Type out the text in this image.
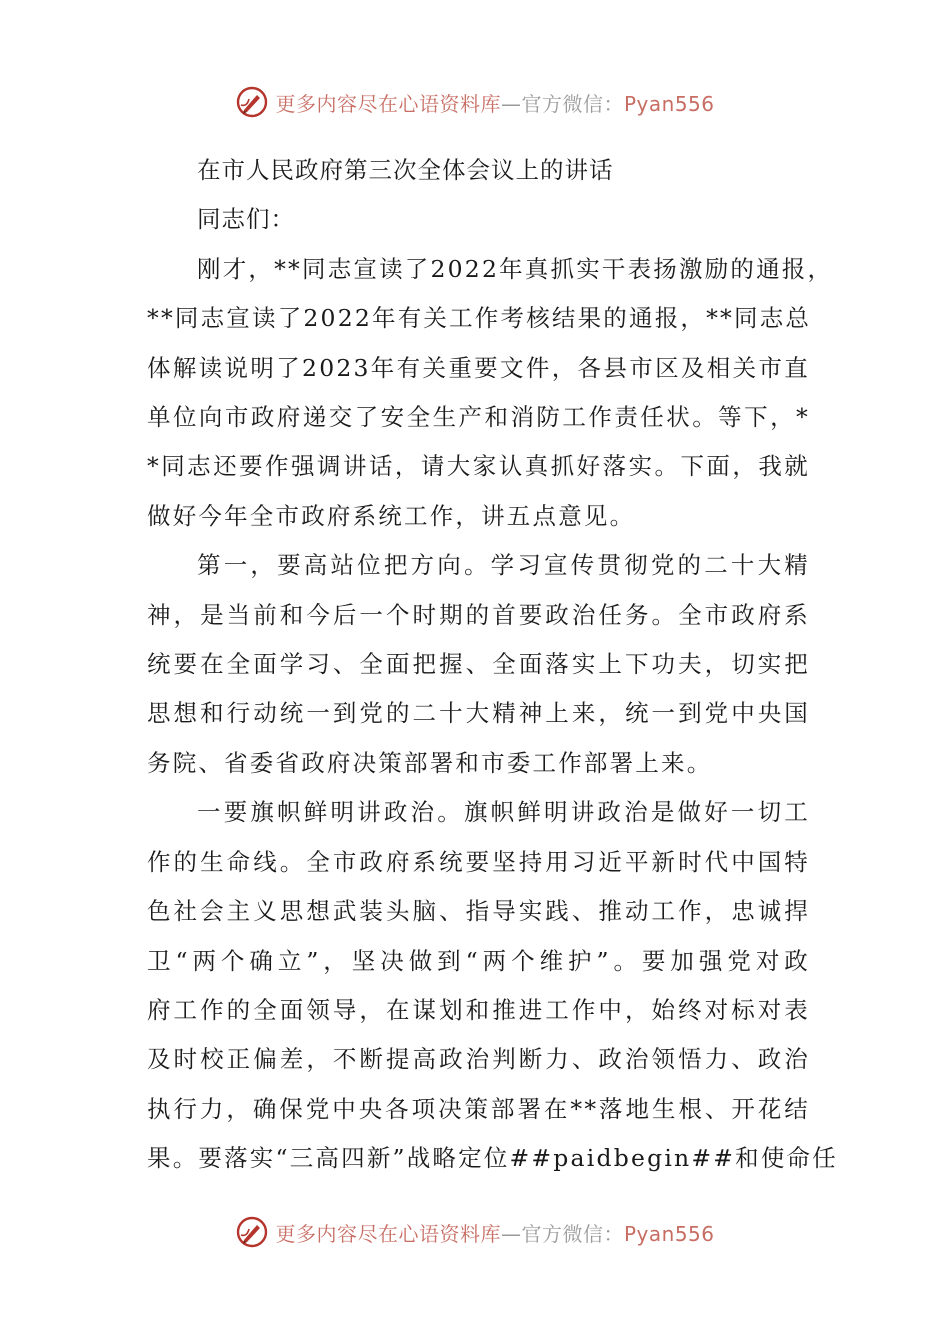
更多内容尽在心语资料库—官方微信：Pyan556

在市人民政府第三次全体会议上的讲话

同志们：

刚才，**同志宣读了2022年真抓实干表扬激励的通报，
**同志宣读了2022年有关工作考核结果的通报，**同志总
体解读说明了2023年有关重要文件，各县市区及相关市直
单位向市政府递交了安全生产和消防工作责任状。等下，*
*同志还要作强调讲话，请大家认真抓好落实。下面，我就
做好今年全市政府系统工作，讲五点意见。

第一，要高站位把方向。学习宣传贯彻党的二十大精
神，是当前和今后一个时期的首要政治任务。全市政府系
统要在全面学习、全面把握、全面落实上下功夫，切实把
思想和行动统一到党的二十大精神上来，统一到党中央国
务院、省委省政府决策部署和市委工作部署上来。

一要旗帜鲜明讲政治。旗帜鲜明讲政治是做好一切工
作的生命线。全市政府系统要坚持用习近平新时代中国特
色社会主义思想武装头脑、指导实践、推动工作，忠诚捍
卫“两个确立”，坚决做到“两个维护”。要加强党对政
府工作的全面领导，在谋划和推进工作中，始终对标对表
及时校正偏差，不断提高政治判断力、政治领悟力、政治
执行力，确保党中央各项决策部署在**落地生根、开花结
果。要落实“三高四新”战略定位##paidbegin##和使命任

更多内容尽在心语资料库—官方微信：Pyan556
